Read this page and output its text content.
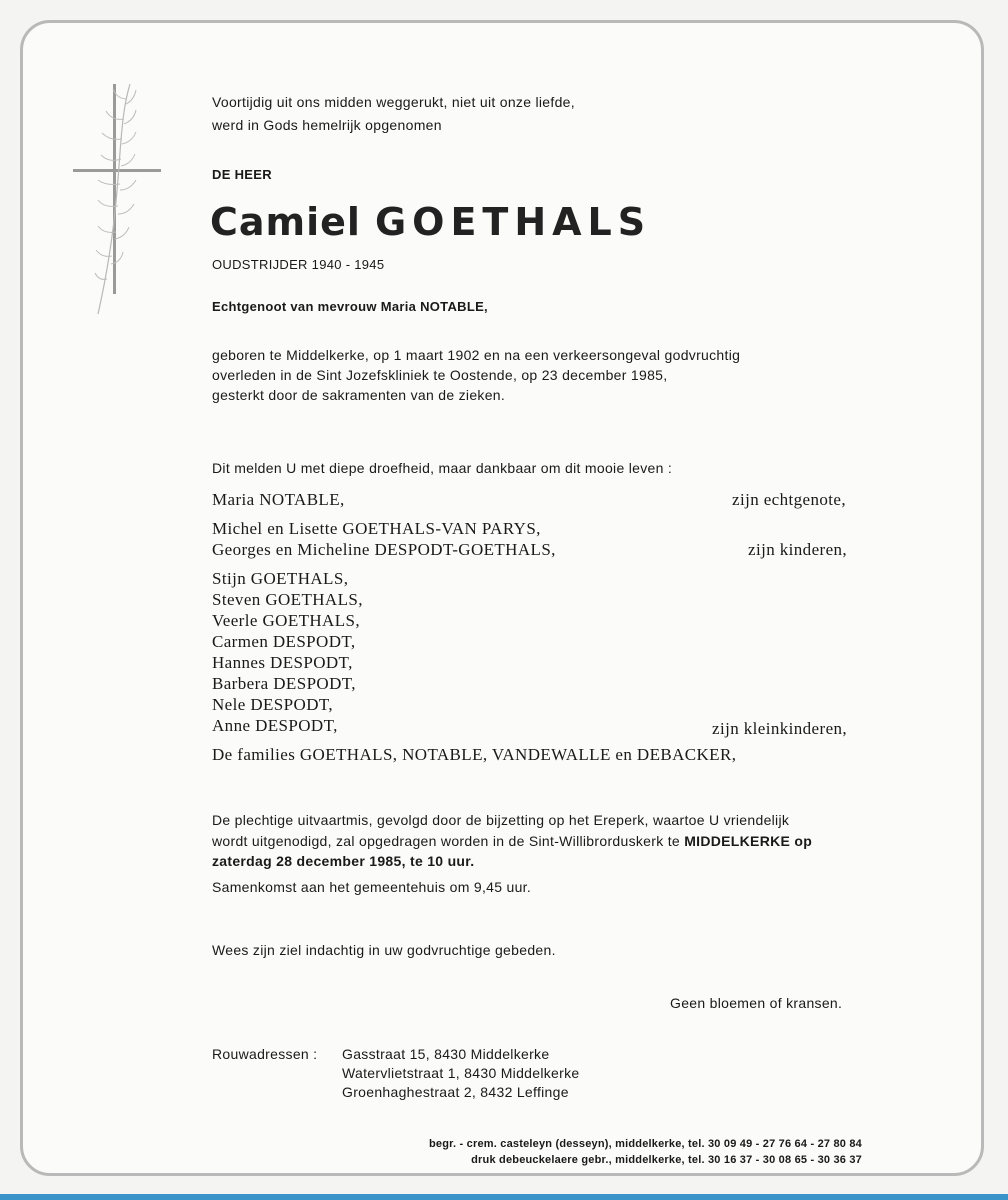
Voortijdig uit ons midden weggerukt, niet uit onze liefde,
werd in Gods hemelrijk opgenomen
DE HEER
Camiel GOETHALS
OUDSTRIJDER 1940 - 1945
Echtgenoot van mevrouw Maria NOTABLE,
geboren te Middelkerke, op 1 maart 1902 en na een verkeersongeval godvruchtig
overleden in de Sint Jozefskliniek te Oostende, op 23 december 1985,
gesterkt door de sakramenten van de zieken.
Dit melden U met diepe droefheid, maar dankbaar om dit mooie leven :
Maria NOTABLE,	zijn echtgenote,
Michel en Lisette GOETHALS-VAN PARYS,
Georges en Micheline DESPODT-GOETHALS,	zijn kinderen,
Stijn GOETHALS,
Steven GOETHALS,
Veerle GOETHALS,
Carmen DESPODT,
Hannes DESPODT,
Barbera DESPODT,
Nele DESPODT,
Anne DESPODT,	zijn kleinkinderen,
De families GOETHALS, NOTABLE, VANDEWALLE en DEBACKER,
De plechtige uitvaartmis, gevolgd door de bijzetting op het Ereperk, waartoe U vriendelijk
wordt uitgenodigd, zal opgedragen worden in de Sint-Willibrorduskerk te MIDDELKERKE op
zaterdag 28 december 1985, te 10 uur.
Samenkomst aan het gemeentehuis om 9,45 uur.
Wees zijn ziel indachtig in uw godvruchtige gebeden.
Geen bloemen of kransen.
Rouwadressen : Gasstraat 15, 8430 Middelkerke
Watervlietstraat 1, 8430 Middelkerke
Groenhaghestraat 2, 8432 Leffinge
begr. - crem. casteleyn (desseyn), middelkerke, tel. 30 09 49 - 27 76 64 - 27 80 84
druk debeuckelaere gebr., middelkerke, tel. 30 16 37 - 30 08 65 - 30 36 37
